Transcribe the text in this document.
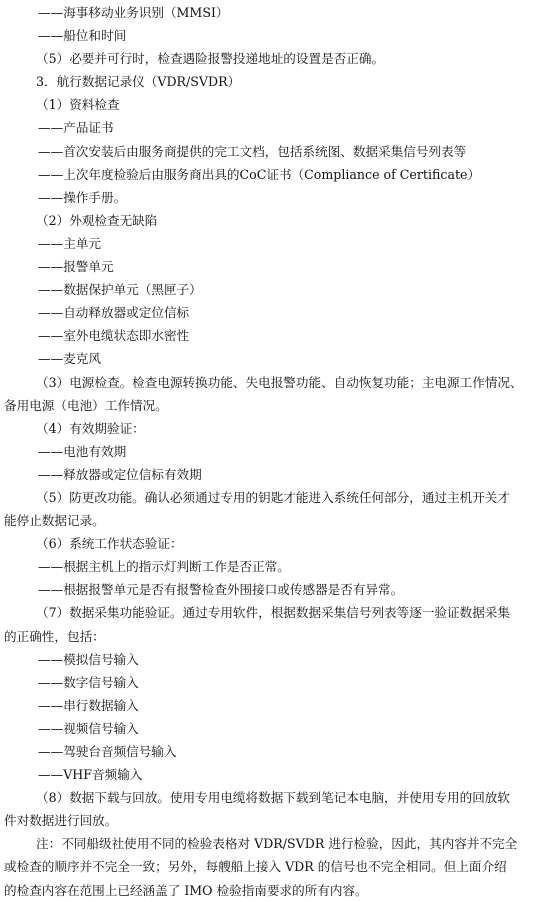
——海事移动业务识别（MMSI）
——船位和时间
（5）必要并可行时，检查遇险报警投递地址的设置是否正确。
3．航行数据记录仪（VDR/SVDR）
（1）资料检查
——产品证书
——首次安装后由服务商提供的完工文档，包括系统图、数据采集信号列表等
——上次年度检验后由服务商出具的CoC证书（Compliance of Certificate）
——操作手册。
（2）外观检查无缺陷
——主单元
——报警单元
——数据保护单元（黑匣子）
——自动释放器或定位信标
——室外电缆状态即水密性
——麦克风
（3）电源检查。检查电源转换功能、失电报警功能、自动恢复功能；主电源工作情况、
备用电源（电池）工作情况。
（4）有效期验证：
——电池有效期
——释放器或定位信标有效期
（5）防更改功能。确认必须通过专用的钥匙才能进入系统任何部分，通过主机开关才
能停止数据记录。
（6）系统工作状态验证：
——根据主机上的指示灯判断工作是否正常。
——根据报警单元是否有报警检查外围接口或传感器是否有异常。
（7）数据采集功能验证。通过专用软件，根据数据采集信号列表等逐一验证数据采集
的正确性，包括：
——模拟信号输入
——数字信号输入
——串行数据输入
——视频信号输入
——驾驶台音频信号输入
——VHF音频输入
（8）数据下载与回放。使用专用电缆将数据下载到笔记本电脑，并使用专用的回放软
件对数据进行回放。
注：不同船级社使用不同的检验表格对 VDR/SVDR 进行检验，因此，其内容并不完全
或检查的顺序并不完全一致；另外，每艘船上接入 VDR 的信号也不完全相同。但上面介绍
的检查内容在范围上已经涵盖了 IMO 检验指南要求的所有内容。
